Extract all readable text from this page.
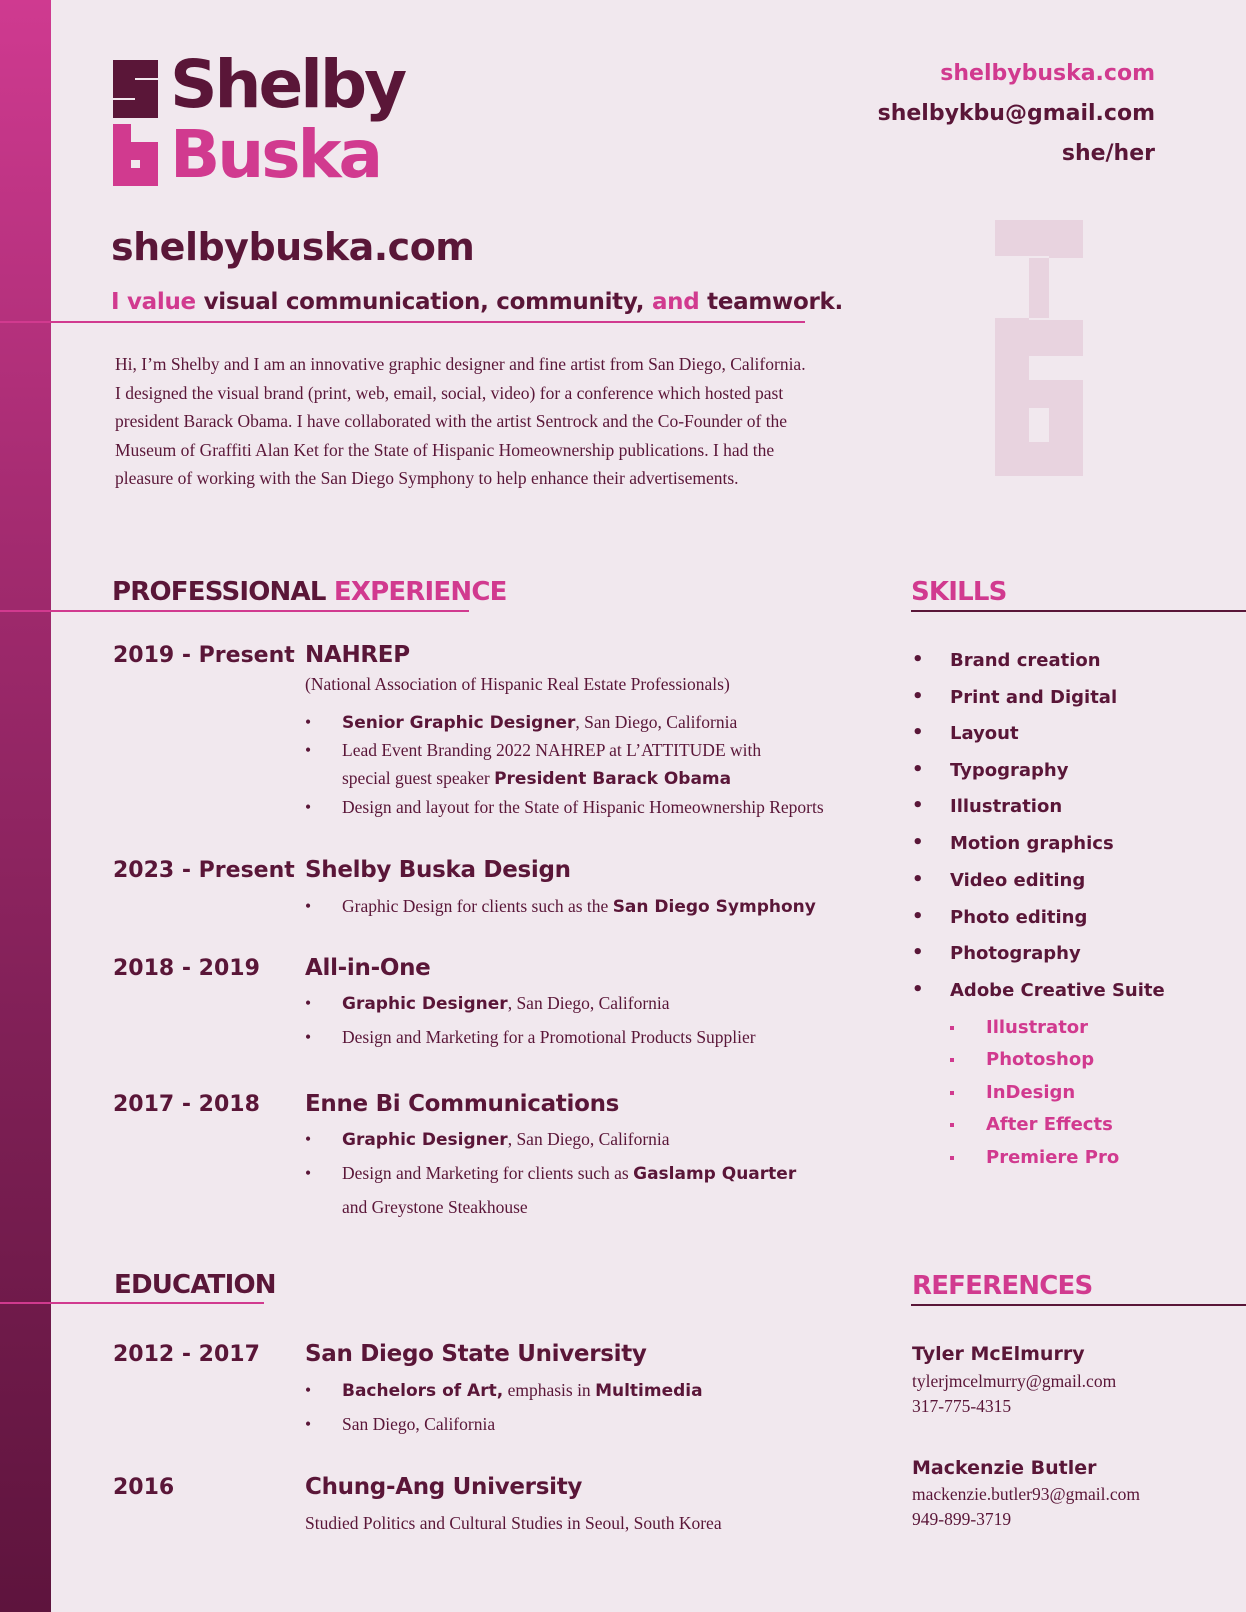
Shelby
Buska
shelbybuska.com
shelbykbu@gmail.com
she/her
shelbybuska.com
I value visual communication, community, and teamwork.
Hi, I’m Shelby and I am an innovative graphic designer and fine artist from San Diego, California. I designed the visual brand (print, web, email, social, video) for a conference which hosted past president Barack Obama. I have collaborated with the artist Sentrock and the Co-Founder of the Museum of Graffiti Alan Ket for the State of Hispanic Homeownership publications. I had the pleasure of working with the San Diego Symphony to help enhance their advertisements.
PROFESSIONAL EXPERIENCE	SKILLS
2019 - Present NAHREP
(National Association of Hispanic Real Estate Professionals)
• Senior Graphic Designer, San Diego, California
• Lead Event Branding 2022 NAHREP at L’ATTITUDE with
special guest speaker President Barack Obama
• Design and layout for the State of Hispanic Homeownership Reports
2023 - Present Shelby Buska Design
• Graphic Design for clients such as the San Diego Symphony
2018 - 2019 All-in-One
• Graphic Designer, San Diego, California
• Design and Marketing for a Promotional Products Supplier
2017 - 2018 Enne Bi Communications
• Graphic Designer, San Diego, California
• Design and Marketing for clients such as Gaslamp Quarter
and Greystone Steakhouse
• Brand creation
• Print and Digital
• Layout
• Typography
• Illustration
• Motion graphics
• Video editing
• Photo editing
• Photography
• Adobe Creative Suite
Illustrator
Photoshop
InDesign
After Effects
Premiere Pro
EDUCATION
2012 - 2017 San Diego State University
• Bachelors of Art, emphasis in Multimedia
• San Diego, California
2016	Chung-Ang University
Studied Politics and Cultural Studies in Seoul, South Korea
REFERENCES
Tyler McElmurry
tylerjmcelmurry@gmail.com
317-775-4315
Mackenzie Butler
mackenzie.butler93@gmail.com
949-899-3719
